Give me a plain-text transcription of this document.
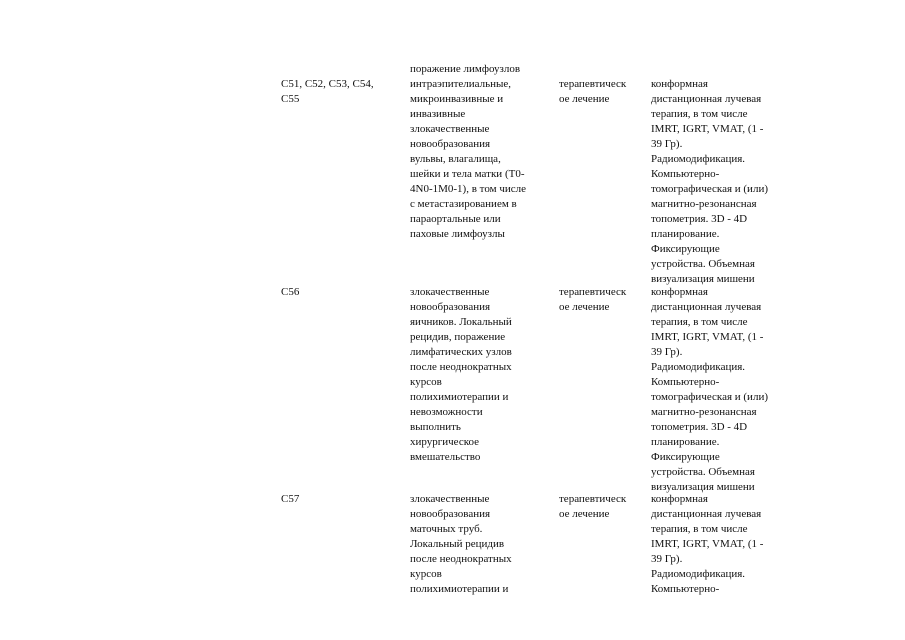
C51, C52, C53, C54,
C55
поражение лимфоузлов
интраэпителиальные,
микроинвазивные и
инвазивные
злокачественные
новообразования
вульвы, влагалища,
шейки и тела матки (T0-
4N0-1M0-1), в том числе
с метастазированием в
параортальные или
паховые лимфоузлы
терапевтическ
ое лечение
конформная
дистанционная лучевая
терапия, в том числе
IMRT, IGRT, VMAT, (1 -
39 Гр).
Радиомодификация.
Компьютерно-
томографическая и (или)
магнитно-резонансная
топометрия. 3D - 4D
планирование.
Фиксирующие
устройства. Объемная
визуализация мишени
C56	злокачественные
новообразования
яичников. Локальный
рецидив, поражение
лимфатических узлов
после неоднократных
курсов
полихимиотерапии и
невозможности
выполнить
хирургическое
вмешательство
терапевтическ
ое лечение
конформная
дистанционная лучевая
терапия, в том числе
IMRT, IGRT, VMAT, (1 -
39 Гр).
Радиомодификация.
Компьютерно-
томографическая и (или)
магнитно-резонансная
топометрия. 3D - 4D
планирование.
Фиксирующие
устройства. Объемная
визуализация мишени
C57	злокачественные
новообразования
маточных труб.
Локальный рецидив
после неоднократных
курсов
полихимиотерапии и
терапевтическ
ое лечение
конформная
дистанционная лучевая
терапия, в том числе
IMRT, IGRT, VMAT, (1 -
39 Гр).
Радиомодификация.
Компьютерно-
